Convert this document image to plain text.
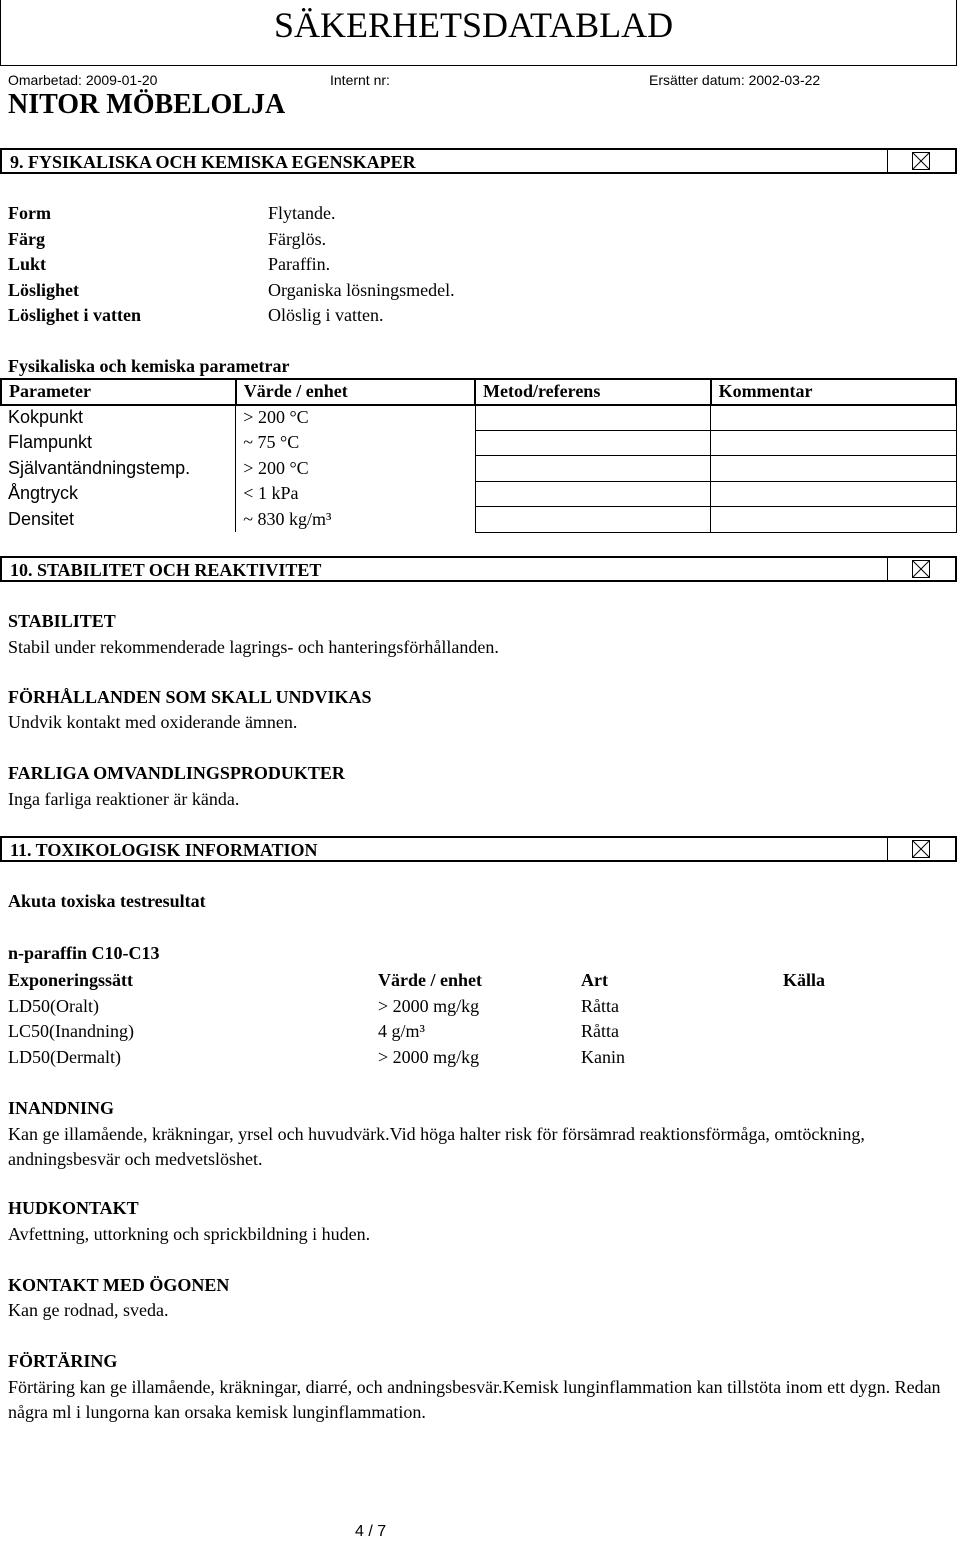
SÄKERHETSDATABLAD
Omarbetad: 2009-01-20	Internt nr:	Ersätter datum: 2002-03-22
NITOR MÖBELOLJA
9. FYSIKALISKA OCH KEMISKA EGENSKAPER
Form	Flytande.
Färg	Färglös.
Lukt	Paraffin.
Löslighet	Organiska lösningsmedel.
Löslighet i vatten	Olöslig i vatten.
Fysikaliska och kemiska parametrar
Parameter	Värde / enhet	Metod/referens	Kommentar
Kokpunkt	> 200 °C		
Flampunkt	~ 75 °C		
Självantändningstemp.	> 200 °C		
Ångtryck	< 1 kPa		
Densitet	~ 830 kg/m³		
10. STABILITET OCH REAKTIVITET
STABILITET
Stabil under rekommenderade lagrings- och hanteringsförhållanden.
FÖRHÅLLANDEN SOM SKALL UNDVIKAS
Undvik kontakt med oxiderande ämnen.
FARLIGA OMVANDLINGSPRODUKTER
Inga farliga reaktioner är kända.
11. TOXIKOLOGISK INFORMATION
Akuta toxiska testresultat
n-paraffin C10-C13
Exponeringssätt	Värde / enhet	Art	Källa
LD50(Oralt)	> 2000 mg/kg	Råtta
LC50(Inandning)	4 g/m³	Råtta
LD50(Dermalt)	> 2000 mg/kg	Kanin
INANDNING
Kan ge illamående, kräkningar, yrsel och huvudvärk.Vid höga halter risk för försämrad reaktionsförmåga, omtöckning, andningsbesvär och medvetslöshet.
HUDKONTAKT
Avfettning, uttorkning och sprickbildning i huden.
KONTAKT MED ÖGONEN
Kan ge rodnad, sveda.
FÖRTÄRING
Förtäring kan ge illamående, kräkningar, diarré, och andningsbesvär.Kemisk lunginflammation kan tillstöta inom ett dygn. Redan några ml i lungorna kan orsaka kemisk lunginflammation.
4 / 7
